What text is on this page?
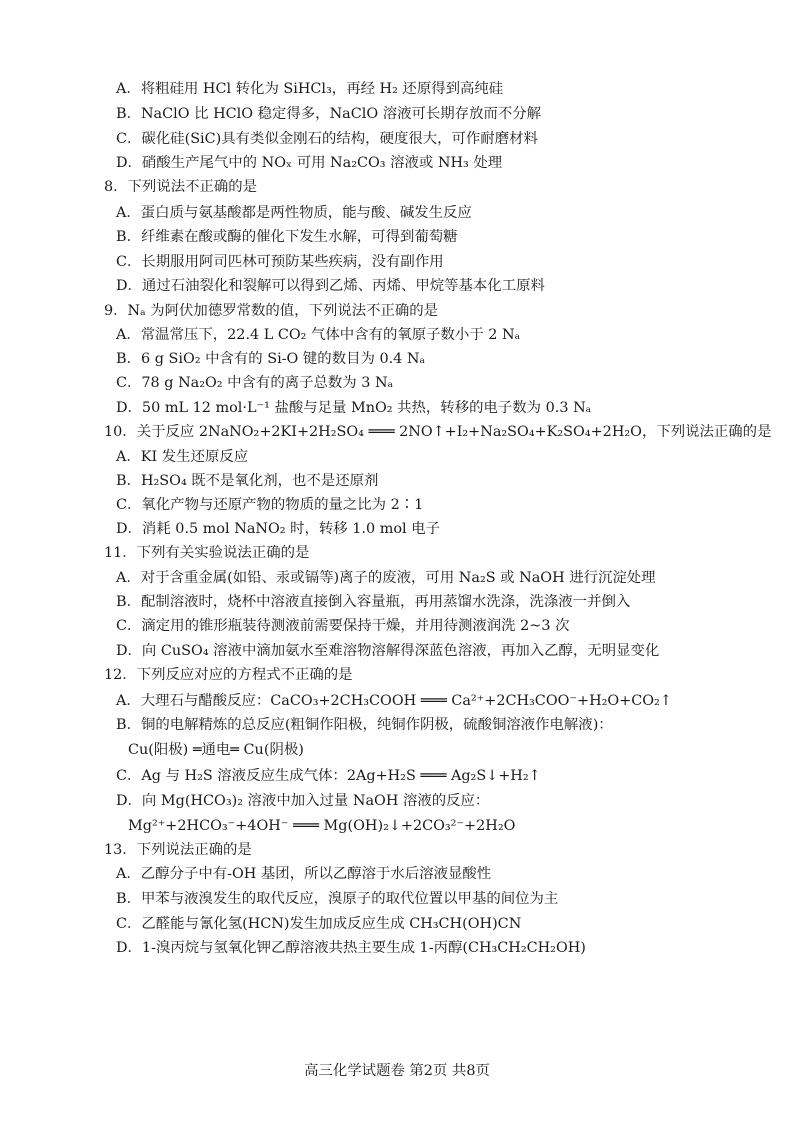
A．将粗硅用 HCl 转化为 SiHCl₃，再经 H₂ 还原得到高纯硅
B．NaClO 比 HClO 稳定得多，NaClO 溶液可长期存放而不分解
C．碳化硅(SiC)具有类似金刚石的结构，硬度很大，可作耐磨材料
D．硝酸生产尾气中的 NOₓ 可用 Na₂CO₃ 溶液或 NH₃ 处理
8．下列说法不正确的是
A．蛋白质与氨基酸都是两性物质，能与酸、碱发生反应
B．纤维素在酸或酶的催化下发生水解，可得到葡萄糖
C．长期服用阿司匹林可预防某些疾病，没有副作用
D．通过石油裂化和裂解可以得到乙烯、丙烯、甲烷等基本化工原料
9．Nₐ 为阿伏加德罗常数的值，下列说法不正确的是
A．常温常压下，22.4 L CO₂ 气体中含有的氧原子数小于 2 Nₐ
B．6 g SiO₂ 中含有的 Si-O 键的数目为 0.4 Nₐ
C．78 g Na₂O₂ 中含有的离子总数为 3 Nₐ
D．50 mL 12 mol·L⁻¹ 盐酸与足量 MnO₂ 共热，转移的电子数为 0.3 Nₐ
10．关于反应 2NaNO₂+2KI+2H₂SO₄ ═══ 2NO↑+I₂+Na₂SO₄+K₂SO₄+2H₂O，下列说法正确的是
A．KI 发生还原反应
B．H₂SO₄ 既不是氧化剂，也不是还原剂
C．氧化产物与还原产物的物质的量之比为 2∶1
D．消耗 0.5 mol NaNO₂ 时，转移 1.0 mol 电子
11．下列有关实验说法正确的是
A．对于含重金属(如铅、汞或镉等)离子的废液，可用 Na₂S 或 NaOH 进行沉淀处理
B．配制溶液时，烧杯中溶液直接倒入容量瓶，再用蒸馏水洗涤，洗涤液一并倒入
C．滴定用的锥形瓶装待测液前需要保持干燥，并用待测液润洗 2~3 次
D．向 CuSO₄ 溶液中滴加氨水至难溶物溶解得深蓝色溶液，再加入乙醇，无明显变化
12．下列反应对应的方程式不正确的是
A．大理石与醋酸反应：CaCO₃+2CH₃COOH ═══ Ca²⁺+2CH₃COO⁻+H₂O+CO₂↑
B．铜的电解精炼的总反应(粗铜作阳极，纯铜作阴极，硫酸铜溶液作电解液)：
Cu(阳极) ═通电═ Cu(阴极)
C．Ag 与 H₂S 溶液反应生成气体：2Ag+H₂S ═══ Ag₂S↓+H₂↑
D．向 Mg(HCO₃)₂ 溶液中加入过量 NaOH 溶液的反应：
Mg²⁺+2HCO₃⁻+4OH⁻ ═══ Mg(OH)₂↓+2CO₃²⁻+2H₂O
13．下列说法正确的是
A．乙醇分子中有-OH 基团，所以乙醇溶于水后溶液显酸性
B．甲苯与液溴发生的取代反应，溴原子的取代位置以甲基的间位为主
C．乙醛能与氰化氢(HCN)发生加成反应生成 CH₃CH(OH)CN
D．1-溴丙烷与氢氧化钾乙醇溶液共热主要生成 1-丙醇(CH₃CH₂CH₂OH)
高三化学试题卷 第2页 共8页
